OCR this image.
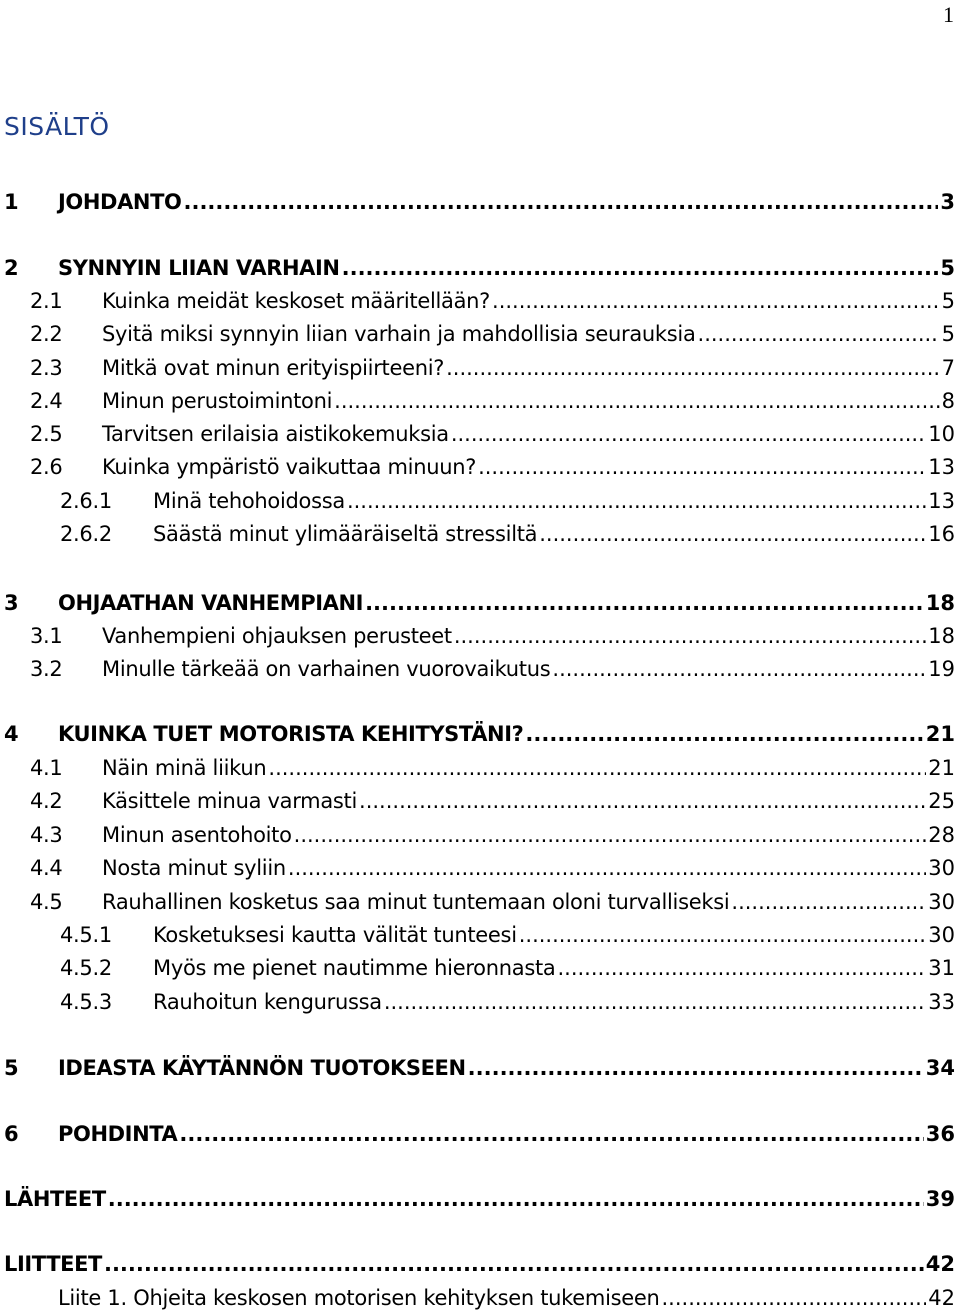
1
SISÄLTÖ
1	JOHDANTO .....	3
2	SYNNYIN LIIAN VARHAIN .....	5
2.1	Kuinka meidät keskoset määritellään? .....	5
2.2	Syitä miksi synnyin liian varhain ja mahdollisia seurauksia .....	5
2.3	Mitkä ovat minun erityispiirteeni? .....	7
2.4	Minun perustoimintoni .....	8
2.5	Tarvitsen erilaisia aistikokemuksia .....	10
2.6	Kuinka ympäristö vaikuttaa minuun? .....	13
2.6.1	Minä tehohoidossa .....	13
2.6.2	Säästä minut ylimääräiseltä stressiltä .....	16
3	OHJAATHAN VANHEMPIANI .....	18
3.1	Vanhempieni ohjauksen perusteet .....	18
3.2	Minulle tärkeää on varhainen vuorovaikutus .....	19
4	KUINKA TUET MOTORISTA KEHITYSTÄNI? .....	21
4.1	Näin minä liikun .....	21
4.2	Käsittele minua varmasti .....	25
4.3	Minun asentohoito .....	28
4.4	Nosta minut syliin .....	30
4.5	Rauhallinen kosketus saa minut tuntemaan oloni turvalliseksi .....	30
4.5.1	Kosketuksesi kautta välität tunteesi .....	30
4.5.2	Myös me pienet nautimme hieronnasta .....	31
4.5.3	Rauhoitun kengurussa .....	33
5	IDEASTA KÄYTÄNNÖN TUOTOKSEEN .....	34
6	POHDINTA .....	36
LÄHTEET .....	39
LIITTEET .....	42
Liite 1. Ohjeita keskosen motorisen kehityksen tukemiseen .....	42
